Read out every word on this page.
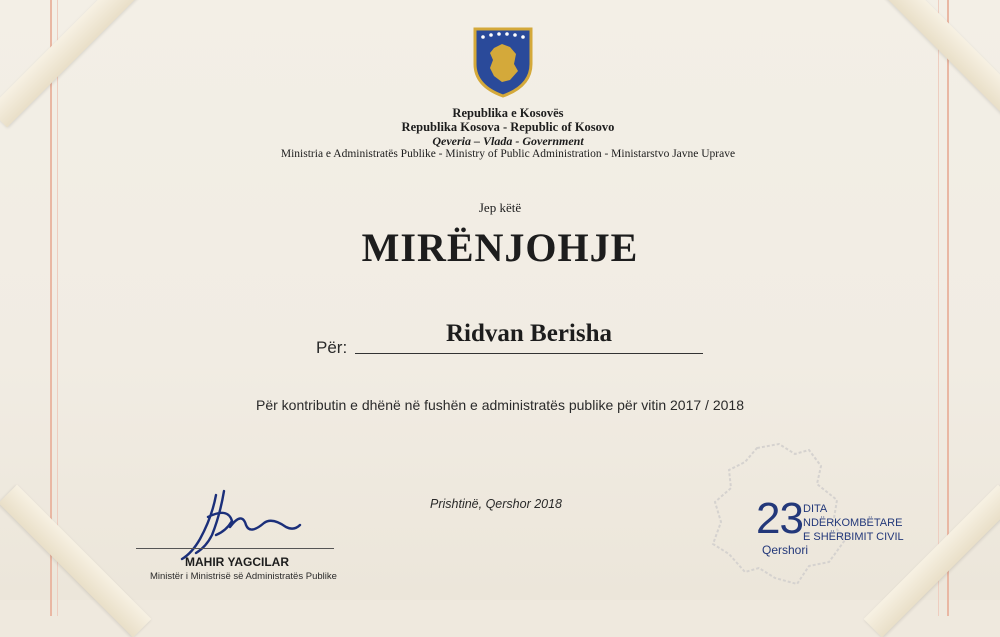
Republika e Kosovës
Republika Kosova - Republic of Kosovo
Qeveria – Vlada - Government
Ministria e Administratës Publike - Ministry of Public Administration - Ministarstvo Javne Uprave
Jep këtë
MIRËNJOHJE
Për:
Ridvan Berisha
Për kontributin e dhënë në fushën e administratës publike për vitin 2017 / 2018
Prishtinë, Qershor 2018
MAHIR YAGCILAR
Ministër i Ministrisë së Administratës Publike
23 DITA
NDËRKOMBËTARE
E SHËRBIMIT CIVIL
Qershori
